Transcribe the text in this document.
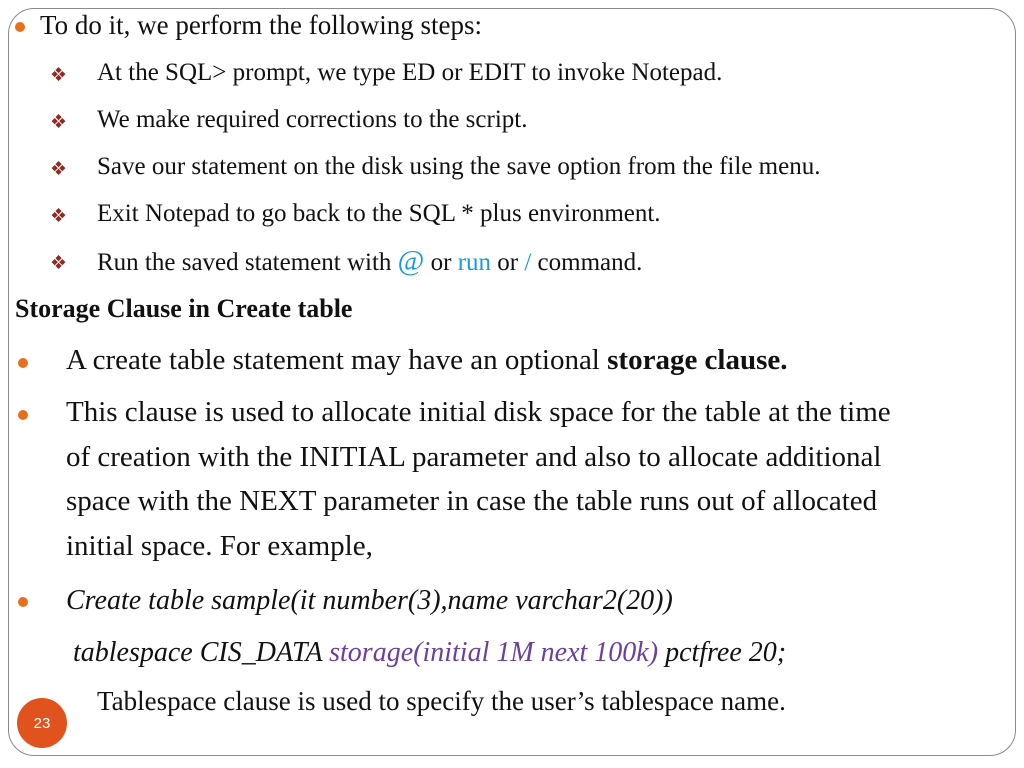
To do it, we perform the following steps:
❖ At the SQL> prompt, we type ED or EDIT to invoke Notepad.
❖ We make required corrections to the script.
❖ Save our statement on the disk using the save option from the file menu.
❖ Exit Notepad to go back to the SQL * plus environment.
❖ Run the saved statement with @ or run or / command.
Storage Clause in Create table
A create table statement may have an optional storage clause.
This clause is used to allocate initial disk space for the table at the time
of creation with the INITIAL parameter and also to allocate additional
space with the NEXT parameter in case the table runs out of allocated
initial space. For example,
Create table sample(it number(3),name varchar2(20))
tablespace CIS_DATA storage(initial 1M next 100k) pctfree 20;
Tablespace clause is used to specify the user’s tablespace name.
23
